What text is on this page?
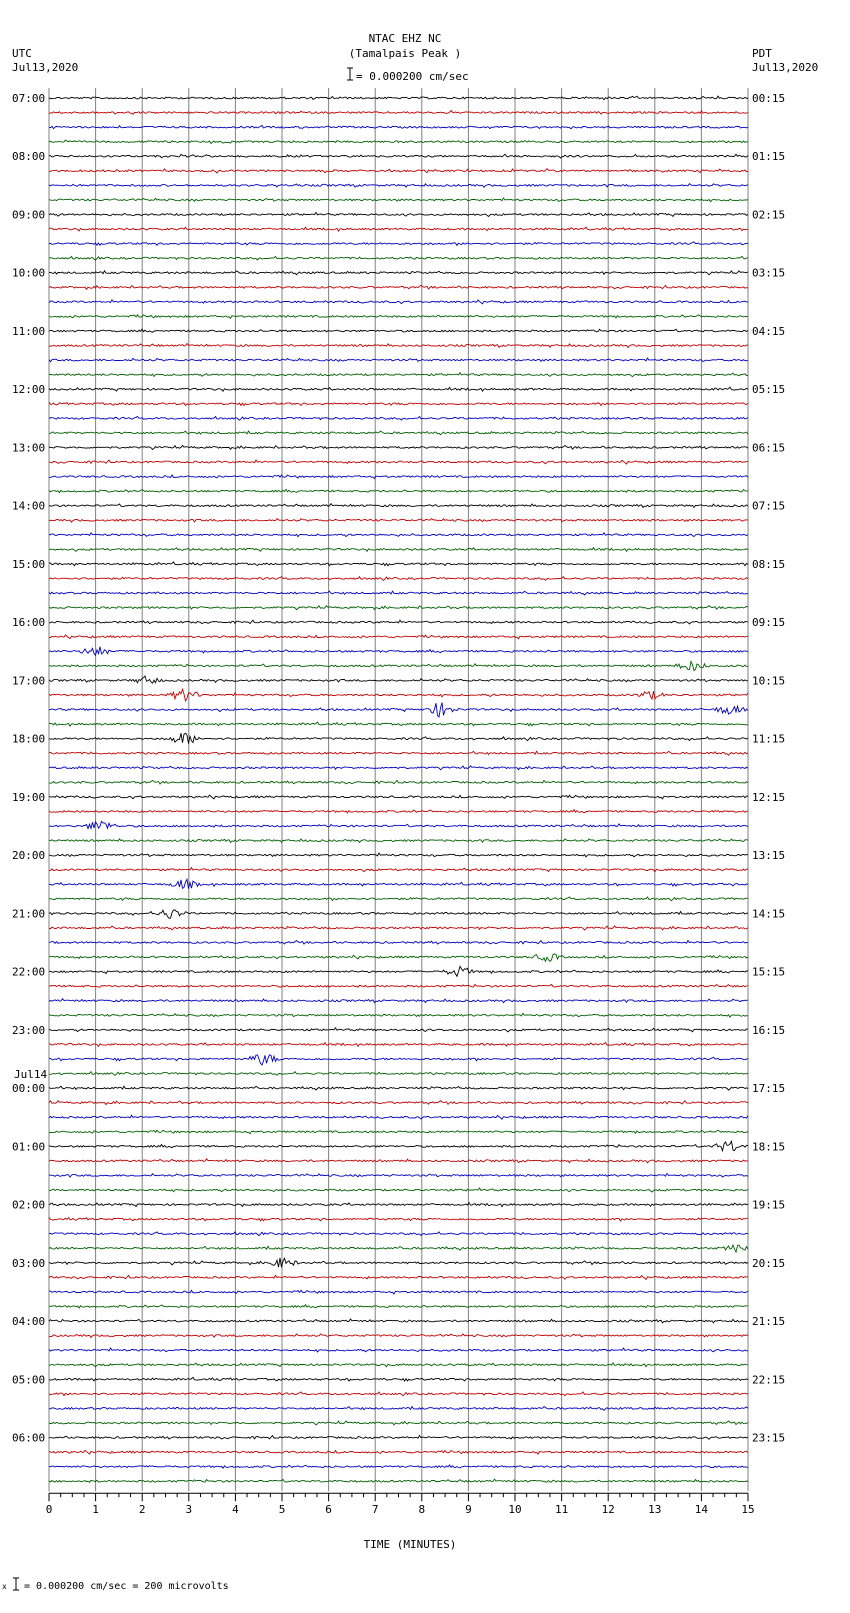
NTAC EHZ NC
(Tamalpais Peak )
= 0.000200 cm/sec
UTC
Jul13,2020
PDT
Jul13,2020
07:00	00:15
08:00	01:15
09:00	02:15
10:00	03:15
11:00	04:15
12:00	05:15
13:00	06:15
14:00	07:15
15:00	08:15
16:00	09:15
17:00	10:15
18:00	11:15
19:00	12:15
20:00	13:15
21:00	14:15
22:00	15:15
23:00	16:15
00:00	17:15
Jul14
01:00	18:15
02:00	19:15
03:00	20:15
04:00	21:15
05:00	22:15
06:00	23:15
0	1	2	3	4	5	6	7	8	9	10	11	12	13	14	15
TIME (MINUTES)
x = 0.000200 cm/sec = 200 microvolts
